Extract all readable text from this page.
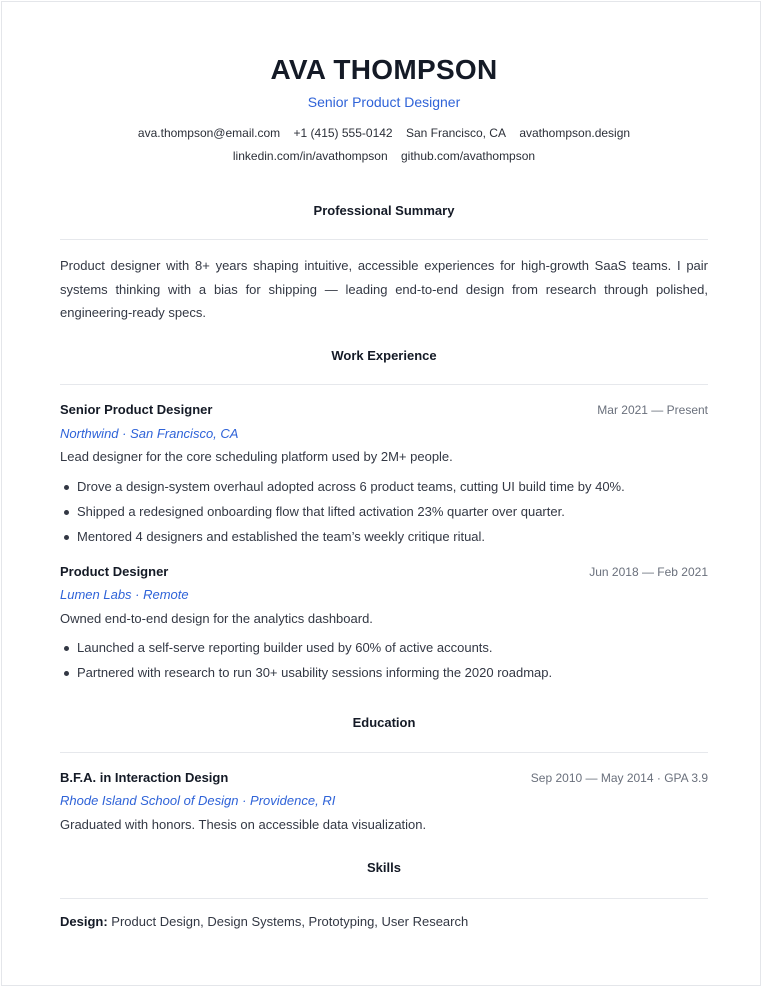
AVA THOMPSON
Senior Product Designer
ava.thompson@email.com +1 (415) 555-0142 San Francisco, CA avathompson.design
linkedin.com/in/avathompson github.com/avathompson
Professional Summary
Product designer with 8+ years shaping intuitive, accessible experiences for high-growth SaaS teams. I pair systems thinking with a bias for shipping — leading end-to-end design from research through polished, engineering-ready specs.
Work Experience
Senior Product Designer	Mar 2021 — Present
Northwind · San Francisco, CA
Lead designer for the core scheduling platform used by 2M+ people.
Drove a design-system overhaul adopted across 6 product teams, cutting UI build time by 40%.
Shipped a redesigned onboarding flow that lifted activation 23% quarter over quarter.
Mentored 4 designers and established the team’s weekly critique ritual.
Product Designer	Jun 2018 — Feb 2021
Lumen Labs · Remote
Owned end-to-end design for the analytics dashboard.
Launched a self-serve reporting builder used by 60% of active accounts.
Partnered with research to run 30+ usability sessions informing the 2020 roadmap.
Education
B.F.A. in Interaction Design	Sep 2010 — May 2014 · GPA 3.9
Rhode Island School of Design · Providence, RI
Graduated with honors. Thesis on accessible data visualization.
Skills
Design: Product Design, Design Systems, Prototyping, User Research
